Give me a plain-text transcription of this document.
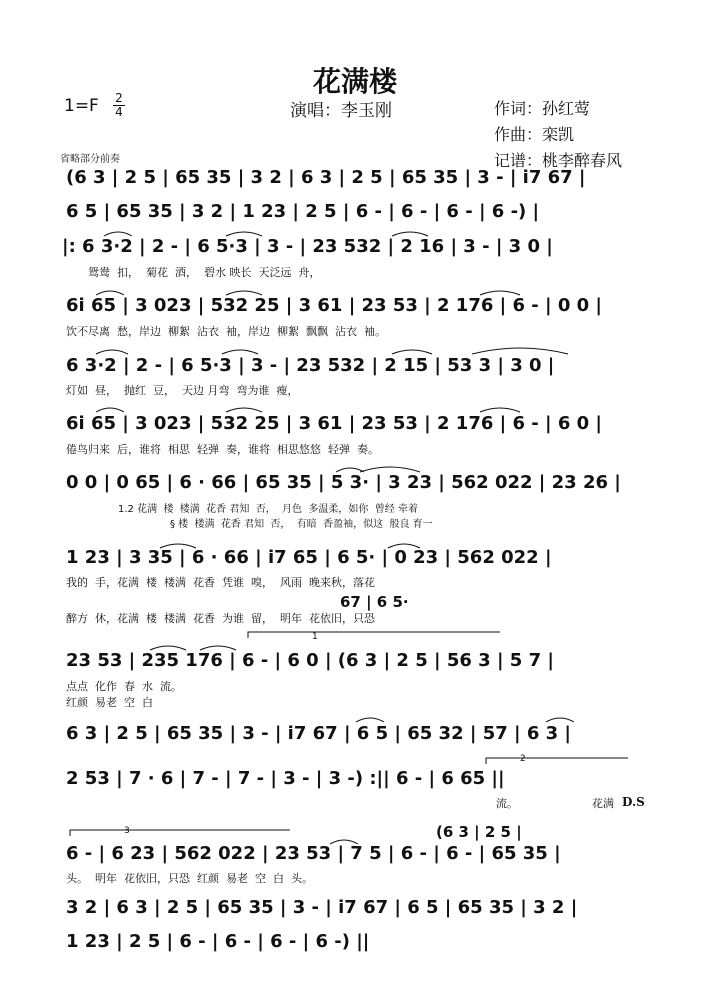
花满楼
1=F 2
4	演唱：李玉刚	作词：孙红莺
作曲：栾凯
记谱：桃李醉春风
省略部分前奏
(6 3 | 2 5 | 65 35 | 3 2 | 6 3 | 2 5 | 65 35 | 3 - | i7 67 |
6 5 | 65 35 | 3 2 | 1 23 | 2 5 | 6 - | 6 - | 6 - | 6 -) |
|: 6 3·2 | 2 - | 6 5·3 | 3 - | 23 532 | 2 16 | 3 - | 3 0 |
6i 65 | 3 023 | 532 25 | 3 61 | 23 53 | 2 176 | 6 - | 0 0 |
6 3·2 | 2 - | 6 5·3 | 3 - | 23 532 | 2 15 | 53 3 | 3 0 |
6i 65 | 3 023 | 532 25 | 3 61 | 23 53 | 2 176 | 6 - | 6 0 |
0 0 | 0 65 | 6 · 66 | 65 35 | 5 3· | 3 23 | 562 022 | 23 26 |
1 23 | 3 35 | 6 · 66 | i7 65 | 6 5· | 0 23 | 562 022 |
67 | 6 5·
23 53 | 235 176 | 6 - | 6 0 | (6 3 | 2 5 | 56 3 | 5 7 |
6 3 | 2 5 | 65 35 | 3 - | i7 67 | 6 5 | 65 32 | 57 | 6 3 |
2 53 | 7 · 6 | 7 - | 7 - | 3 - | 3 -) :|| 6 - | 6 65 ||
(6 3 | 2 5 |
6 - | 6 23 | 562 022 | 23 53 | 7 5 | 6 - | 6 - | 65 35 |
3 2 | 6 3 | 2 5 | 65 35 | 3 - | i7 67 | 6 5 | 65 35 | 3 2 |
1 23 | 2 5 | 6 - | 6 - | 6 - | 6 -) ||
鸳鸯  扣，  菊花  酒，  碧水 映长  天泛远  舟，
饮不尽离  愁，岸边  柳絮  沾衣  袖，岸边  柳絮  飘飘  沾衣  袖。
灯如  昼，  抛红  豆，  天边 月弯  弯为谁  瘦，
倦鸟归来  后，谁将  相思  轻弹  奏，谁将  相思悠悠  轻弹  奏。
1.2 花满  楼  楼满  花香 君知  否，  月色  多温柔，如你  曾经 牵着
§ 楼  楼满  花香 君知  否，  有暗  香盈袖，似这  般良 育一
我的  手，花满  楼  楼满  花香  凭谁  嗅，  风雨  晚来秋，落花
醉方  休，花满  楼  楼满  花香  为谁  留，  明年  花依旧，只恐
点点  化作  春  水  流。
红颜  易老  空  白
流。	花满 D.S
头。  明年  花依旧，只恐  红颜  易老  空  白  头。
1
2
3
